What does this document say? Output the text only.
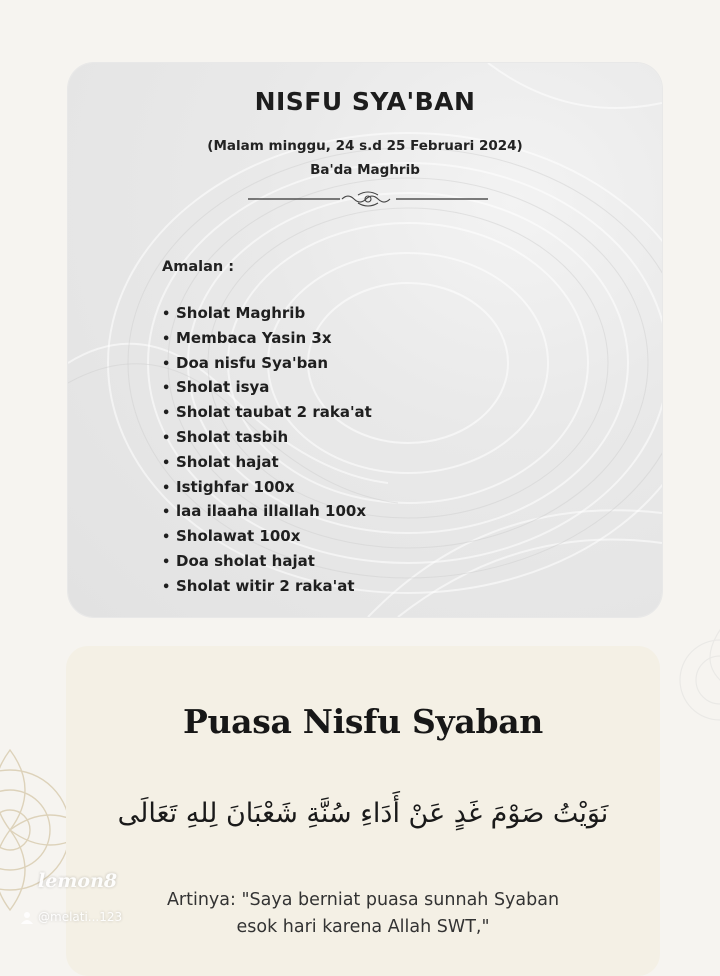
NISFU SYA'BAN
(Malam minggu, 24 s.d 25 Februari 2024)
Ba'da Maghrib
Amalan :
• Sholat Maghrib
• Membaca Yasin 3x
• Doa nisfu Sya'ban
• Sholat isya
• Sholat taubat 2 raka'at
• Sholat tasbih
• Sholat hajat
• Istighfar 100x
• laa ilaaha illallah 100x
• Sholawat 100x
• Doa sholat hajat
• Sholat witir 2 raka'at
Puasa Nisfu Syaban
نَوَيْتُ صَوْمَ غَدٍ عَنْ أَدَاءِ سُنَّةِ شَعْبَانَ لِلهِ تَعَالَى
Artinya: "Saya berniat puasa sunnah Syaban
esok hari karena Allah SWT,"
lemon8
@melati...123
